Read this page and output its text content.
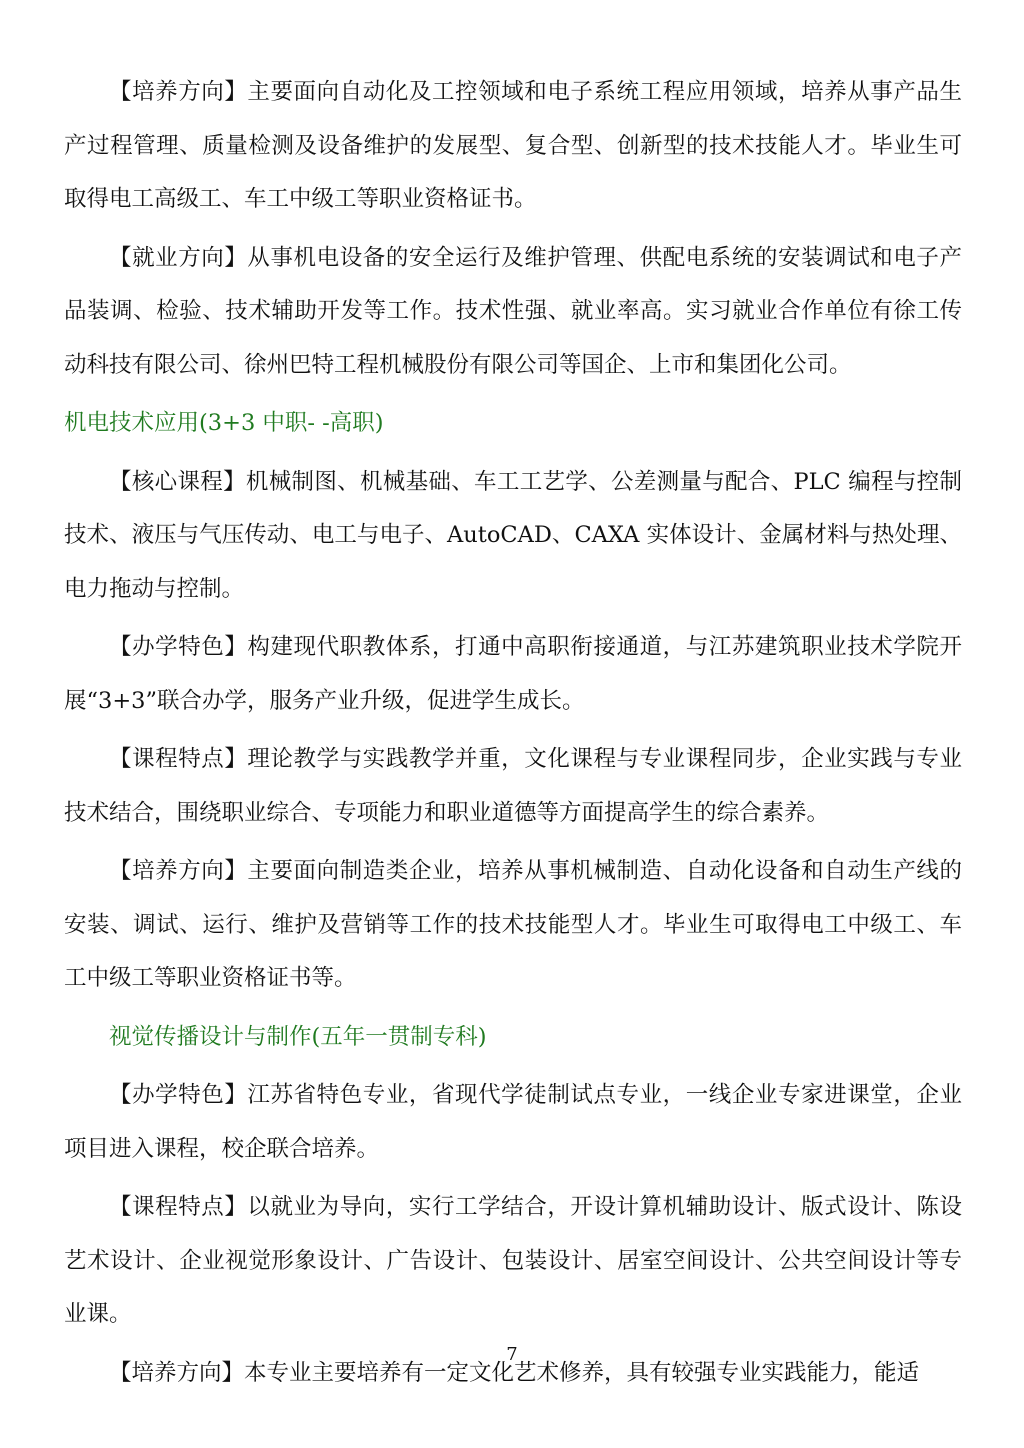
【培养方向】主要面向自动化及工控领域和电子系统工程应用领域，培养从事产品生产过程管理、质量检测及设备维护的发展型、复合型、创新型的技术技能人才。毕业生可取得电工高级工、车工中级工等职业资格证书。

【就业方向】从事机电设备的安全运行及维护管理、供配电系统的安装调试和电子产品装调、检验、技术辅助开发等工作。技术性强、就业率高。实习就业合作单位有徐工传动科技有限公司、徐州巴特工程机械股份有限公司等国企、上市和集团化公司。

机电技术应用(3+3 中职- -高职)

【核心课程】机械制图、机械基础、车工工艺学、公差测量与配合、PLC 编程与控制技术、液压与气压传动、电工与电子、AutoCAD、CAXA 实体设计、金属材料与热处理、电力拖动与控制。

【办学特色】构建现代职教体系，打通中高职衔接通道，与江苏建筑职业技术学院开展“3+3”联合办学，服务产业升级，促进学生成长。

【课程特点】理论教学与实践教学并重，文化课程与专业课程同步，企业实践与专业技术结合，围绕职业综合、专项能力和职业道德等方面提高学生的综合素养。

【培养方向】主要面向制造类企业，培养从事机械制造、自动化设备和自动生产线的安装、调试、运行、维护及营销等工作的技术技能型人才。毕业生可取得电工中级工、车工中级工等职业资格证书等。

视觉传播设计与制作(五年一贯制专科)

【办学特色】江苏省特色专业，省现代学徒制试点专业，一线企业专家进课堂，企业项目进入课程，校企联合培养。

【课程特点】以就业为导向，实行工学结合，开设计算机辅助设计、版式设计、陈设艺术设计、企业视觉形象设计、广告设计、包装设计、居室空间设计、公共空间设计等专业课。

【培养方向】本专业主要培养有一定文化艺术修养，具有较强专业实践能力，能适

7
